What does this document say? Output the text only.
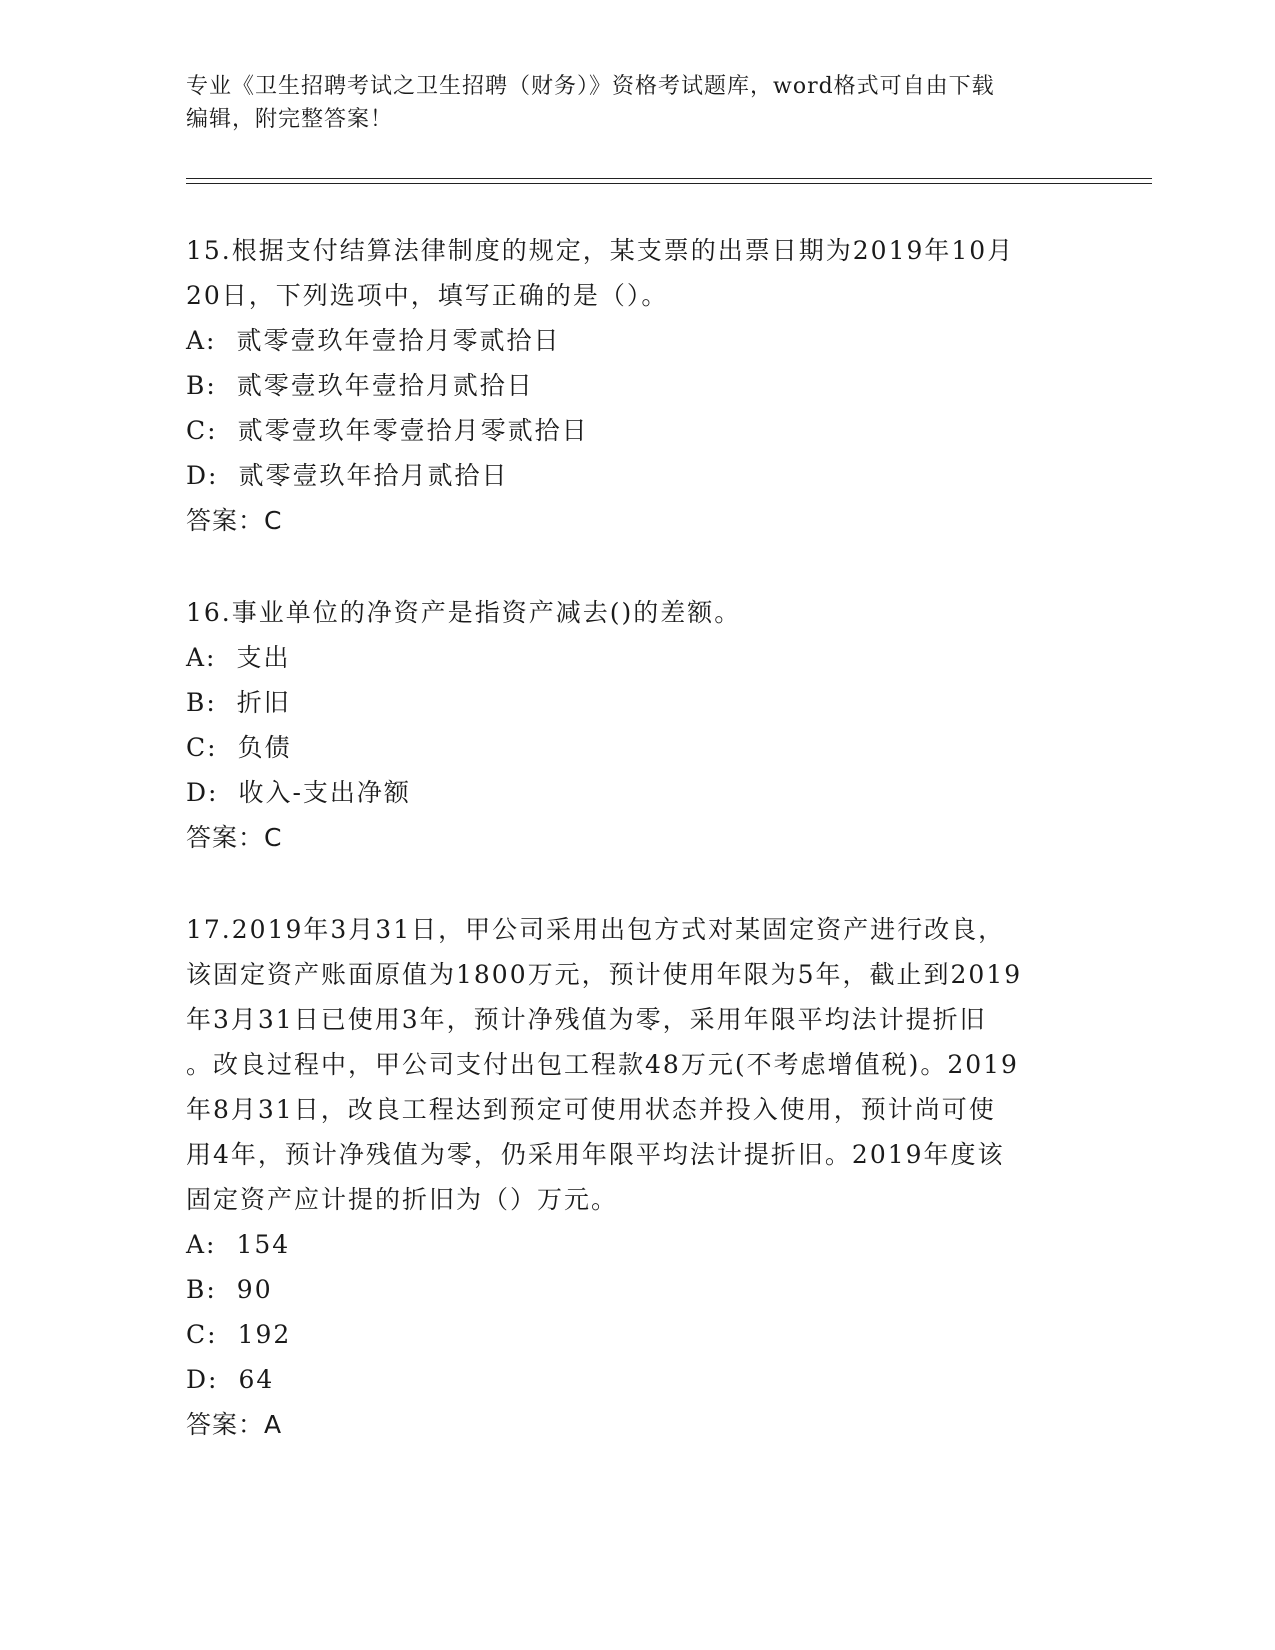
专业《卫生招聘考试之卫生招聘（财务）》资格考试题库，word格式可自由下载
编辑，附完整答案！

15.根据支付结算法律制度的规定，某支票的出票日期为2019年10月
20日，下列选项中，填写正确的是（）。

A: 贰零壹玖年壹拾月零贰拾日

B: 贰零壹玖年壹拾月贰拾日

C: 贰零壹玖年零壹拾月零贰拾日

D: 贰零壹玖年拾月贰拾日

答案：C

16.事业单位的净资产是指资产减去()的差额。

A: 支出

B: 折旧

C: 负债

D: 收入-支出净额

答案：C

17.2019年3月31日，甲公司采用出包方式对某固定资产进行改良，
该固定资产账面原值为1800万元，预计使用年限为5年，截止到2019
年3月31日已使用3年，预计净残值为零，采用年限平均法计提折旧
。改良过程中，甲公司支付出包工程款48万元(不考虑增值税)。2019
年8月31日，改良工程达到预定可使用状态并投入使用，预计尚可使
用4年，预计净残值为零，仍采用年限平均法计提折旧。2019年度该
固定资产应计提的折旧为（）万元。

A: 154

B: 90

C: 192

D: 64

答案：A
